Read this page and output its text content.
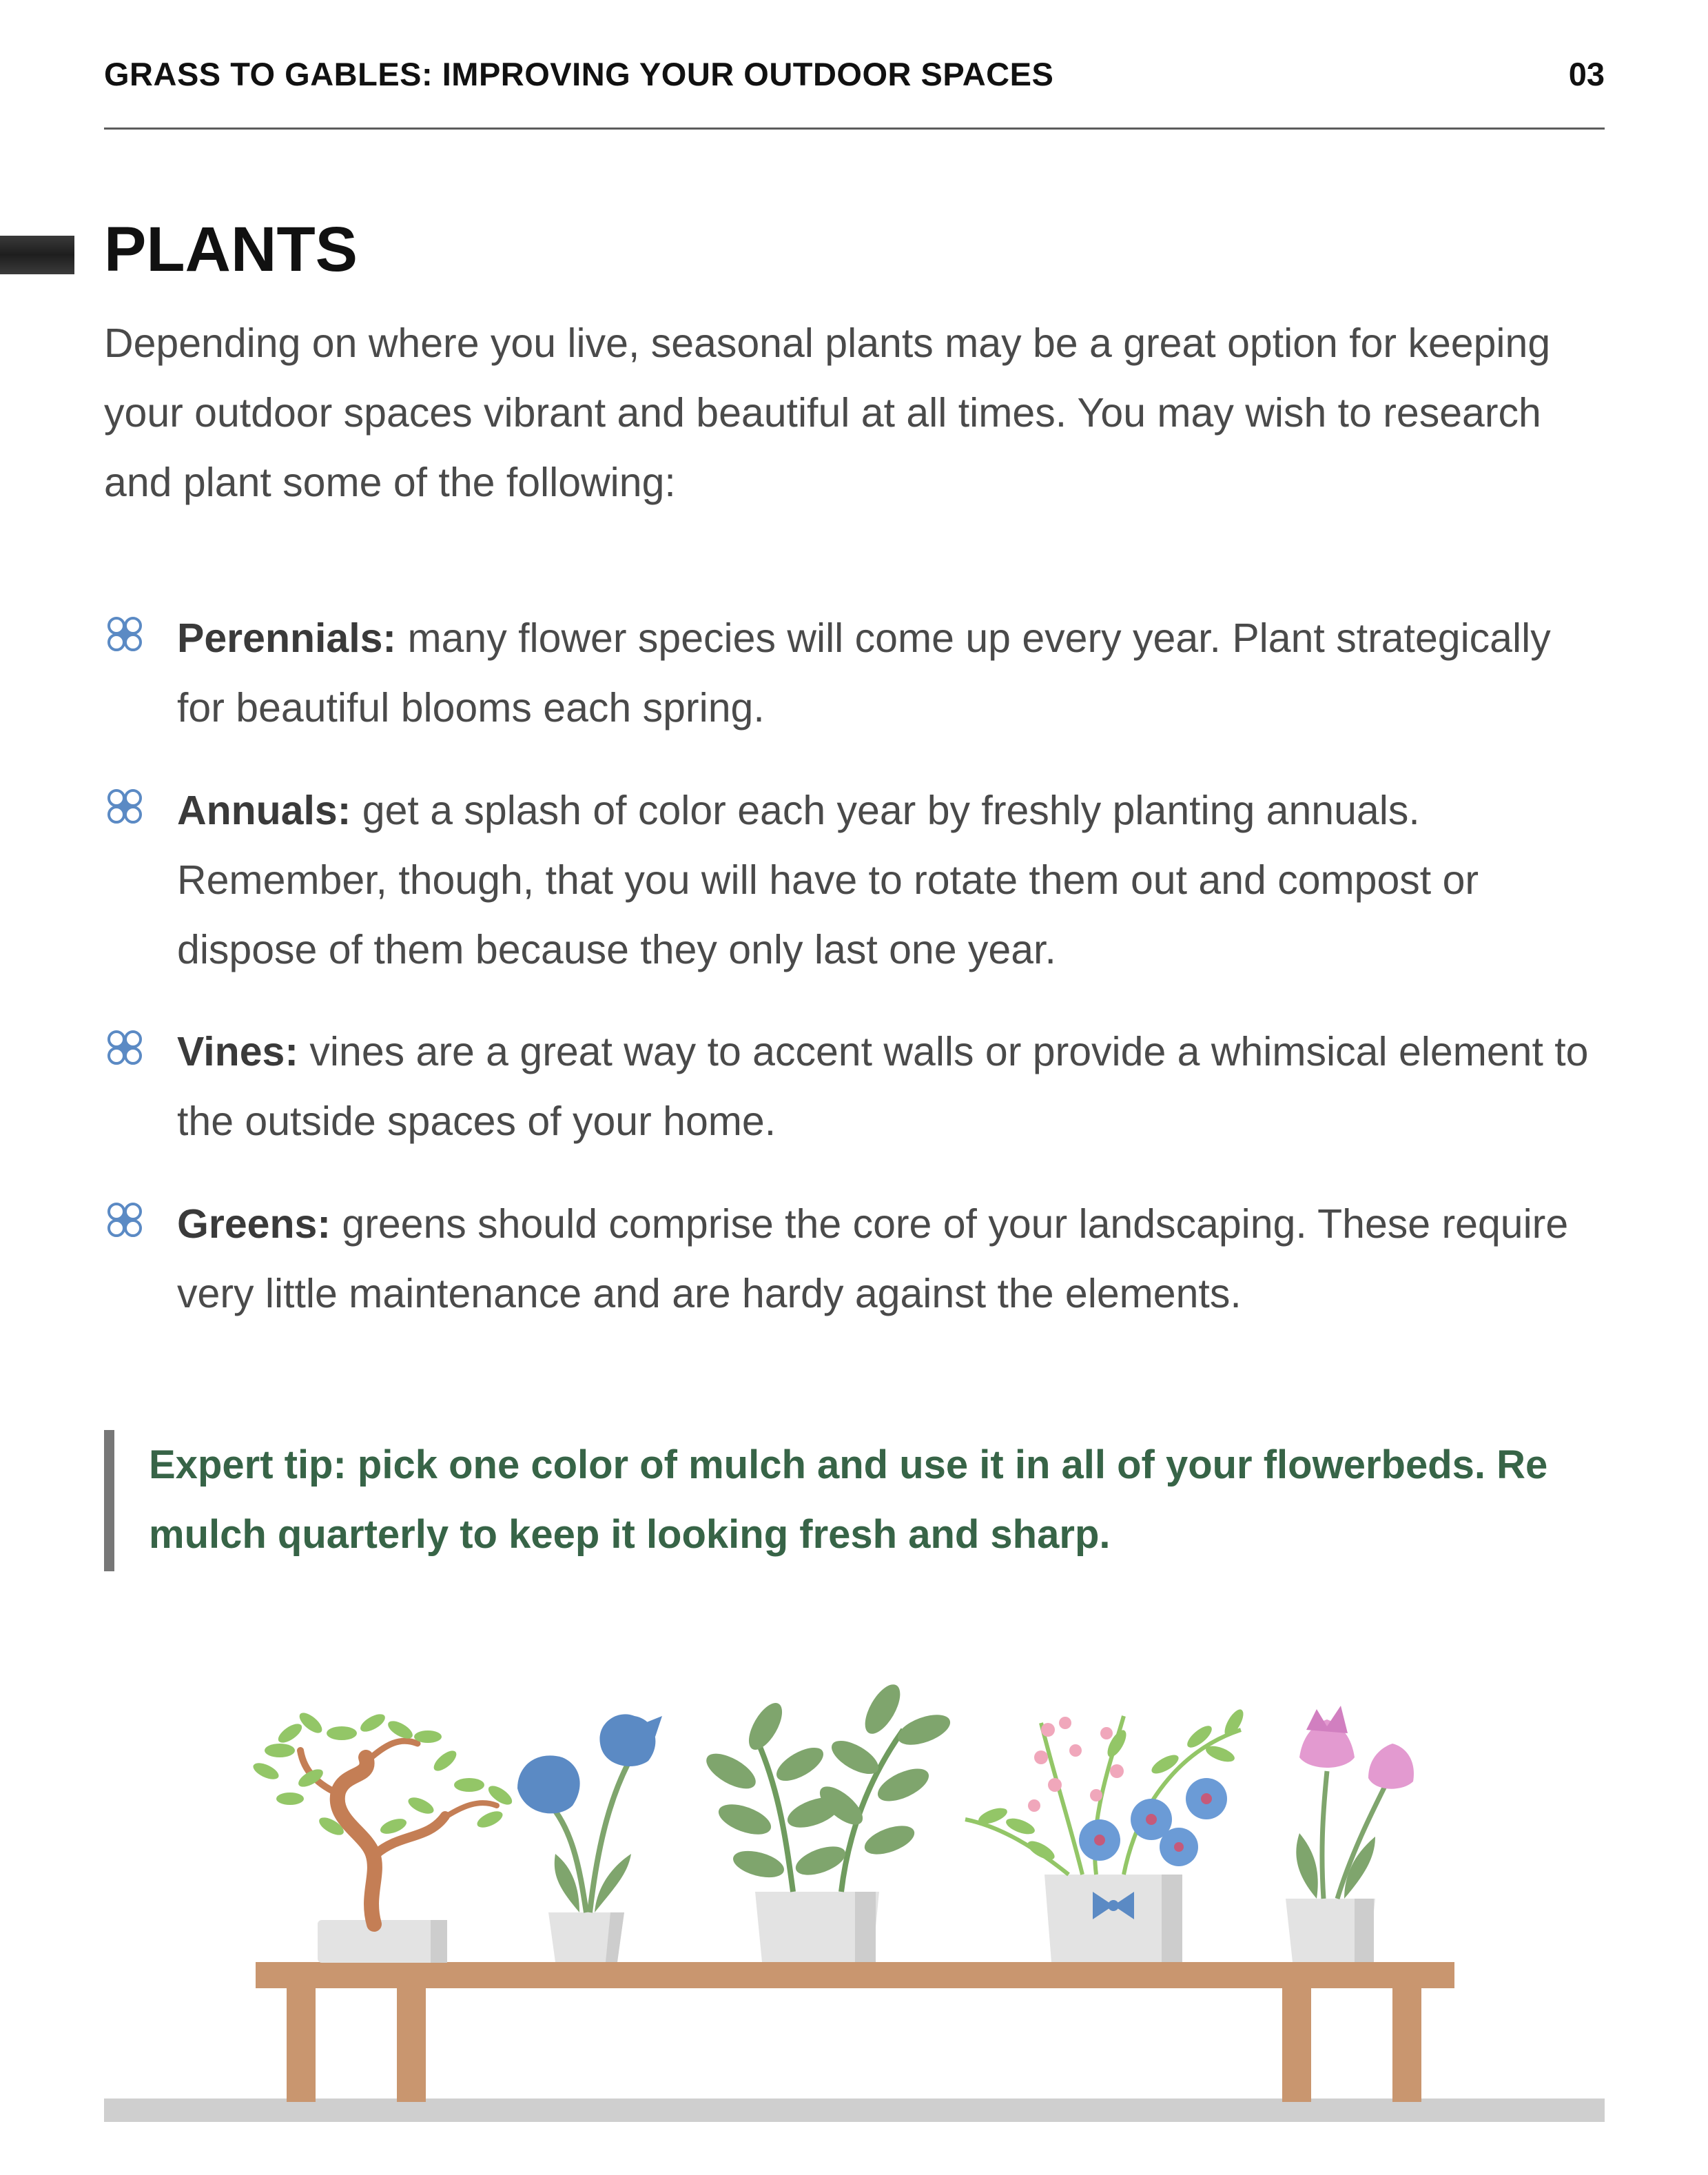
GRASS TO GABLES: IMPROVING YOUR OUTDOOR SPACES	03
PLANTS

Depending on where you live, seasonal plants may be a great option for keeping your outdoor spaces vibrant and beautiful at all times. You may wish to research and plant some of the following:

Perennials: many flower species will come up every year. Plant strategically for beautiful blooms each spring.
Annuals: get a splash of color each year by freshly planting annuals. Remember, though, that you will have to rotate them out and compost or dispose of them because they only last one year.
Vines: vines are a great way to accent walls or provide a whimsical element to the outside spaces of your home.
Greens: greens should comprise the core of your landscaping. These require very little maintenance and are hardy against the elements.
Expert tip: pick one color of mulch and use it in all of your flowerbeds. Re mulch quarterly to keep it looking fresh and sharp.
